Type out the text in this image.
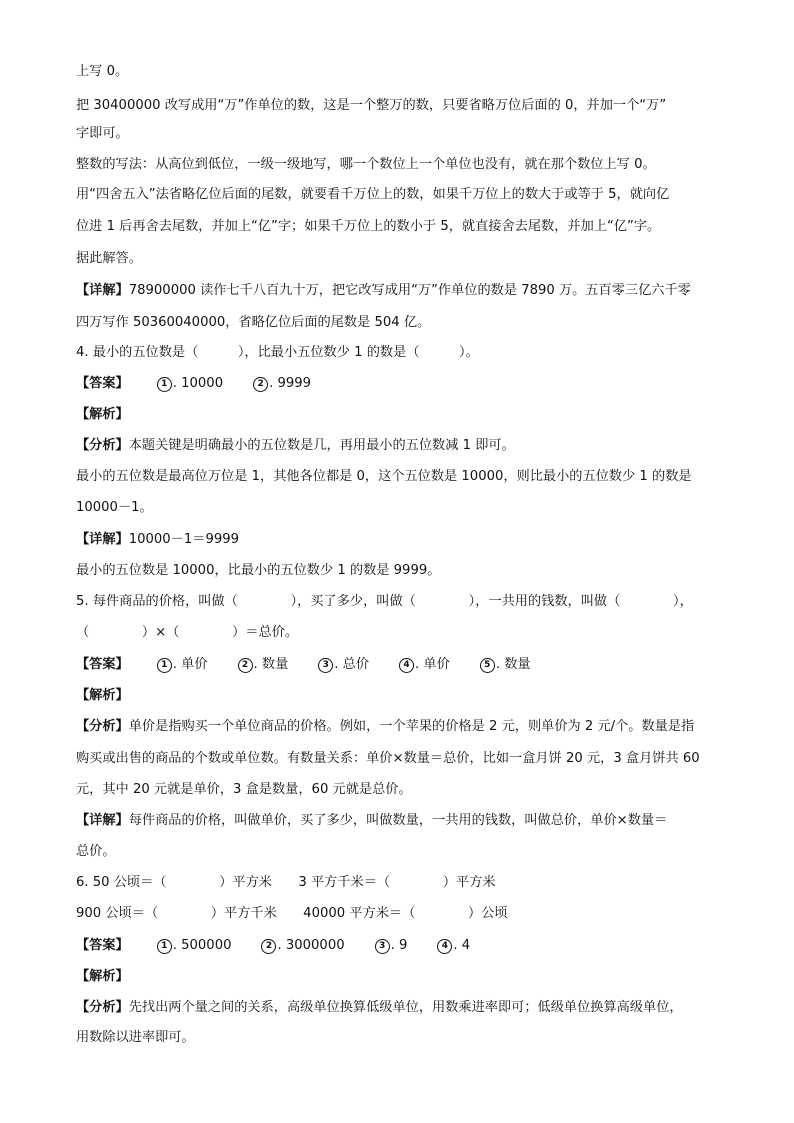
上写 0。
把 30400000 改写成用“万”作单位的数，这是一个整万的数，只要省略万位后面的 0，并加一个“万”
字即可。
整数的写法：从高位到低位，一级一级地写，哪一个数位上一个单位也没有，就在那个数位上写 0。
用“四舍五入”法省略亿位后面的尾数，就要看千万位上的数，如果千万位上的数大于或等于 5，就向亿
位进 1 后再舍去尾数，并加上“亿”字；如果千万位上的数小于 5，就直接舍去尾数，并加上“亿”字。
据此解答。
【详解】78900000 读作七千八百九十万，把它改写成用“万”作单位的数是 7890 万。五百零三亿六千零
四万写作 50360040000，省略亿位后面的尾数是 504 亿。
4. 最小的五位数是（　　　），比最小五位数少 1 的数是（　　　）。
【答案】	1 . 10000	2 . 9999
【解析】
【分析】本题关键是明确最小的五位数是几，再用最小的五位数减 1 即可。
最小的五位数是最高位万位是 1，其他各位都是 0，这个五位数是 10000，则比最小的五位数少 1 的数是
10000－1。
【详解】10000－1＝9999
最小的五位数是 10000，比最小的五位数少 1 的数是 9999。
5. 每件商品的价格，叫做（　　　　），买了多少，叫做（　　　　），一共用的钱数，叫做（　　　　），
（　　　　）×（　　　　）＝总价。
【答案】	1 . 单价	2 . 数量	3 . 总价	4 . 单价	5 . 数量
【解析】
【分析】单价是指购买一个单位商品的价格。例如，一个苹果的价格是 2 元，则单价为 2 元/个。数量是指
购买或出售的商品的个数或单位数。有数量关系：单价×数量＝总价，比如一盒月饼 20 元，3 盒月饼共 60
元，其中 20 元就是单价，3 盒是数量，60 元就是总价。
【详解】每件商品的价格，叫做单价，买了多少，叫做数量，一共用的钱数，叫做总价，单价×数量＝
总价。
6. 50 公顷＝（　　　　）平方米　　3 平方千米＝（　　　　）平方米
900 公顷＝（　　　　）平方千米　　40000 平方米＝（　　　　）公顷
【答案】	1 . 500000	2 . 3000000	3 . 9	4 . 4
【解析】
【分析】先找出两个量之间的关系，高级单位换算低级单位，用数乘进率即可；低级单位换算高级单位，
用数除以进率即可。
